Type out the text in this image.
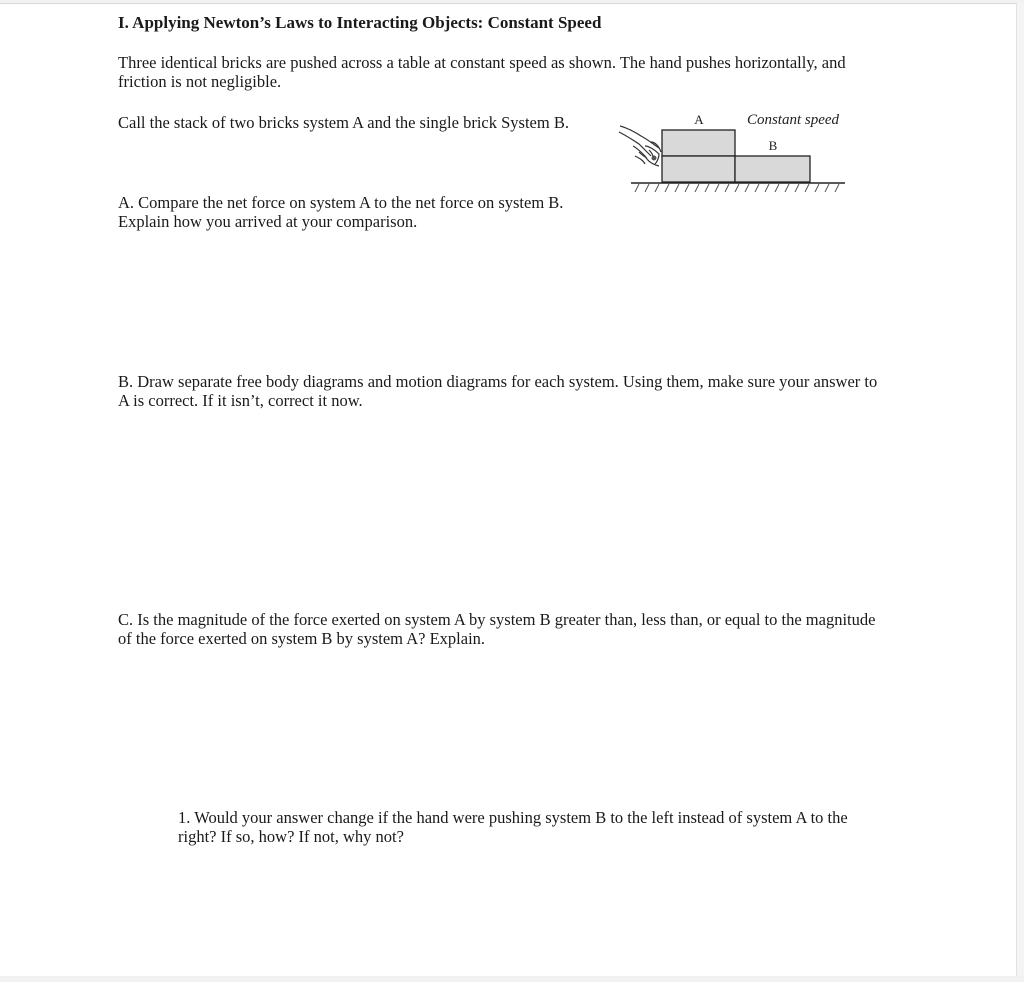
I. Applying Newton’s Laws to Interacting Objects: Constant Speed

Three identical bricks are pushed across a table at constant speed as shown. The hand pushes horizontally, and friction is not negligible.

Call the stack of two bricks system A and the single brick System B.	A
B
Constant speed

A. Compare the net force on system A to the net force on system B. Explain how you arrived at your comparison.

B. Draw separate free body diagrams and motion diagrams for each system. Using them, make sure your answer to A is correct. If it isn’t, correct it now.

C. Is the magnitude of the force exerted on system A by system B greater than, less than, or equal to the magnitude of the force exerted on system B by system A? Explain.

1. Would your answer change if the hand were pushing system B to the left instead of system A to the right? If so, how? If not, why not?
